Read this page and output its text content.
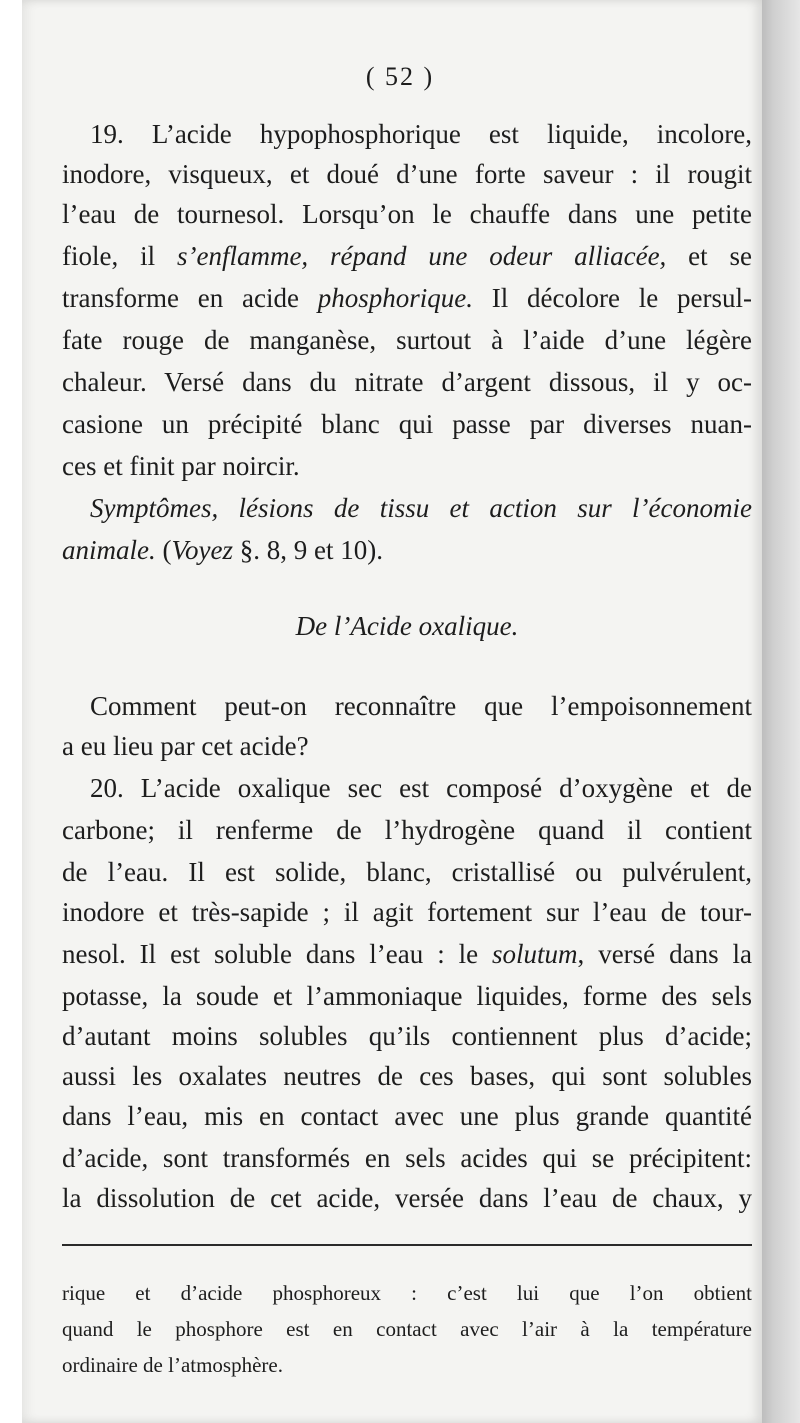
( 52 )
19. L’acide hypophosphorique est liquide, incolore,
inodore, visqueux, et doué d’une forte saveur : il rougit
l’eau de tournesol. Lorsqu’on le chauffe dans une petite
fiole, il s’enflamme, répand une odeur alliacée, et se
transforme en acide phosphorique. Il décolore le persul-
fate rouge de manganèse, surtout à l’aide d’une légère
chaleur. Versé dans du nitrate d’argent dissous, il y oc-
casione un précipité blanc qui passe par diverses nuan-
ces et finit par noircir.
Symptômes, lésions de tissu et action sur l’économie
animale. (Voyez §. 8, 9 et 10).
De l’Acide oxalique.
Comment peut-on reconnaître que l’empoisonnement
a eu lieu par cet acide?
20. L’acide oxalique sec est composé d’oxygène et de
carbone; il renferme de l’hydrogène quand il contient
de l’eau. Il est solide, blanc, cristallisé ou pulvérulent,
inodore et très-sapide ; il agit fortement sur l’eau de tour-
nesol. Il est soluble dans l’eau : le solutum, versé dans la
potasse, la soude et l’ammoniaque liquides, forme des sels
d’autant moins solubles qu’ils contiennent plus d’acide;
aussi les oxalates neutres de ces bases, qui sont solubles
dans l’eau, mis en contact avec une plus grande quantité
d’acide, sont transformés en sels acides qui se précipitent:
la dissolution de cet acide, versée dans l’eau de chaux, y
rique et d’acide phosphoreux : c’est lui que l’on obtient
quand le phosphore est en contact avec l’air à la température
ordinaire de l’atmosphère.
